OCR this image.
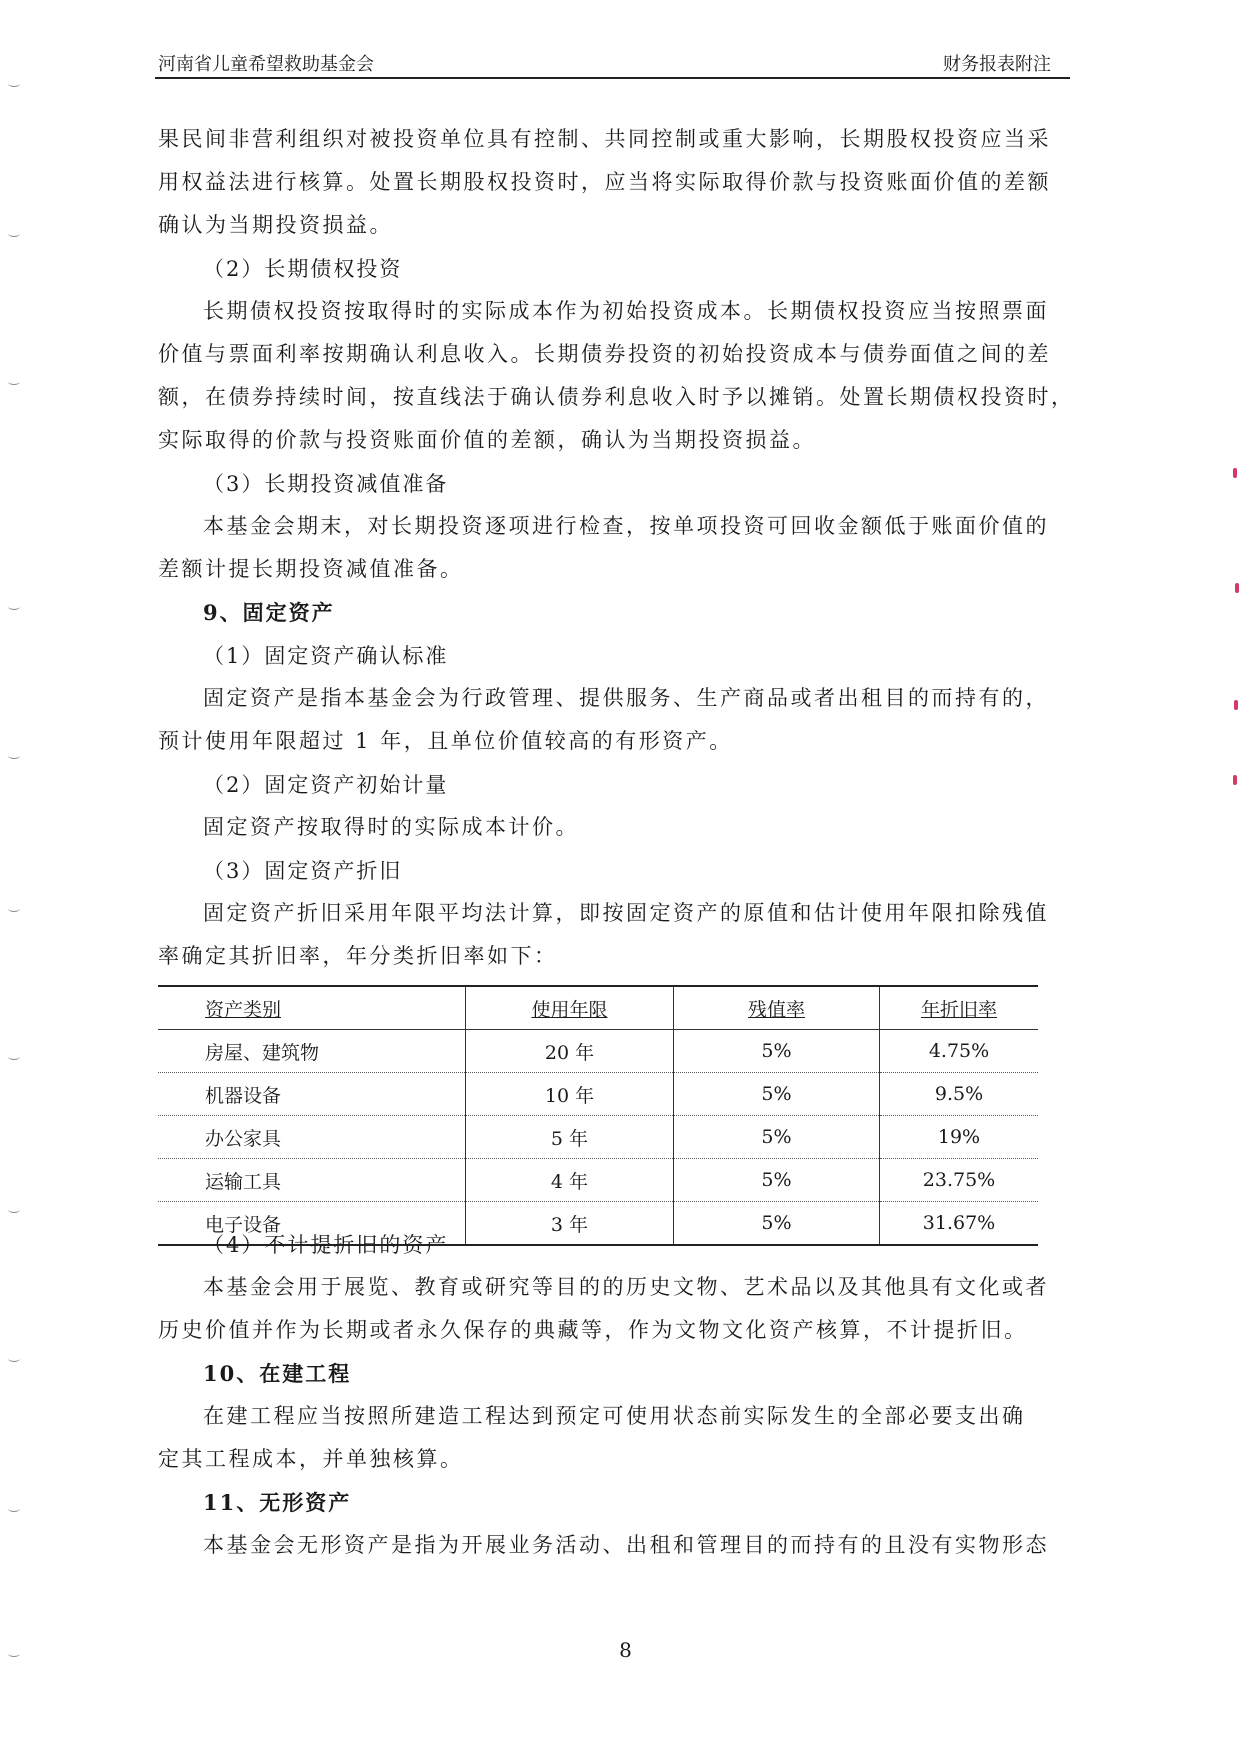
河南省儿童希望救助基金会	财务报表附注
果民间非营利组织对被投资单位具有控制、共同控制或重大影响，长期股权投资应当采
用权益法进行核算。处置长期股权投资时，应当将实际取得价款与投资账面价值的差额
确认为当期投资损益。
（2）长期债权投资
长期债权投资按取得时的实际成本作为初始投资成本。长期债权投资应当按照票面
价值与票面利率按期确认利息收入。长期债券投资的初始投资成本与债券面值之间的差
额，在债券持续时间，按直线法于确认债券利息收入时予以摊销。处置长期债权投资时，
实际取得的价款与投资账面价值的差额，确认为当期投资损益。
（3）长期投资减值准备
本基金会期末，对长期投资逐项进行检查，按单项投资可回收金额低于账面价值的
差额计提长期投资减值准备。
9、固定资产
（1）固定资产确认标准
固定资产是指本基金会为行政管理、提供服务、生产商品或者出租目的而持有的，
预计使用年限超过 1 年，且单位价值较高的有形资产。
（2）固定资产初始计量
固定资产按取得时的实际成本计价。
（3）固定资产折旧
固定资产折旧采用年限平均法计算，即按固定资产的原值和估计使用年限扣除残值
率确定其折旧率，年分类折旧率如下：
资产类别	使用年限	残值率	年折旧率
房屋、建筑物	20 年	5%	4.75%
机器设备	10 年	5%	9.5%
办公家具	5 年	5%	19%
运输工具	4 年	5%	23.75%
电子设备	3 年	5%	31.67%
（4）不计提折旧的资产
本基金会用于展览、教育或研究等目的的历史文物、艺术品以及其他具有文化或者
历史价值并作为长期或者永久保存的典藏等，作为文物文化资产核算，不计提折旧。
10、在建工程
在建工程应当按照所建造工程达到预定可使用状态前实际发生的全部必要支出确
定其工程成本，并单独核算。
11、无形资产
本基金会无形资产是指为开展业务活动、出租和管理目的而持有的且没有实物形态
8
